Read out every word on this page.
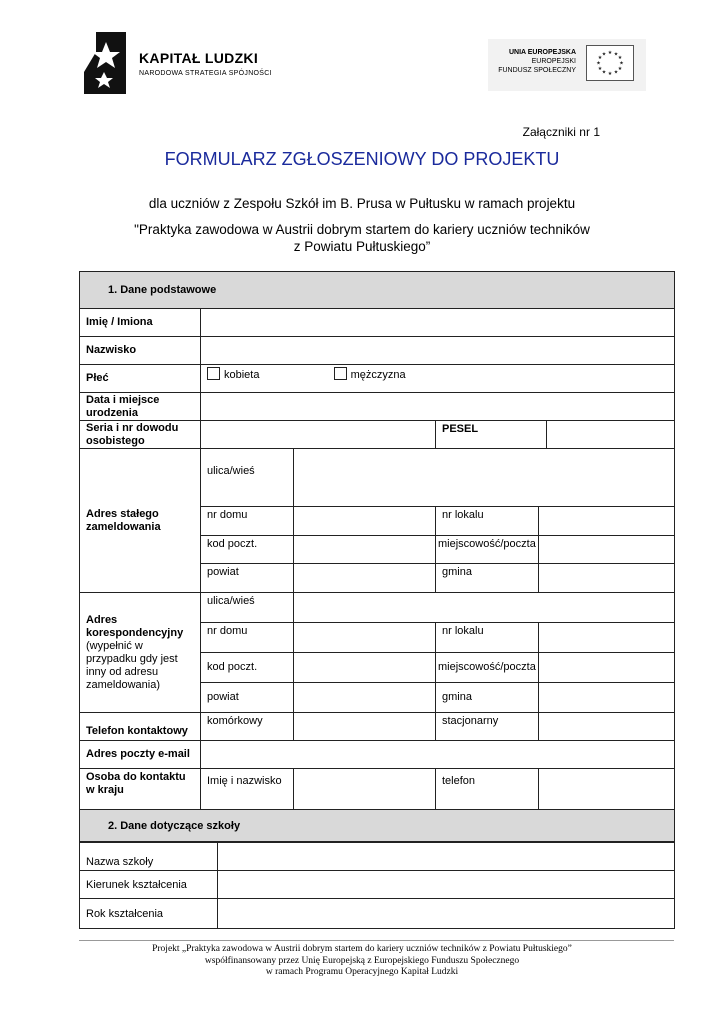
KAPITAŁ LUDZKI
NARODOWA STRATEGIA SPÓJNOŚCI
UNIA EUROPEJSKA
EUROPEJSKI
FUNDUSZ SPOŁECZNY
★ ★
★
★
★
★
★
★
★
★
★
★
Załączniki nr 1
FORMULARZ ZGŁOSZENIOWY DO PROJEKTU
dla uczniów z Zespołu Szkół im B. Prusa w Pułtusku w ramach projektu
"Praktyka zawodowa w Austrii dobrym startem do kariery uczniów techników
z Powiatu Pułtuskiego”
1. Dane podstawowe					
Imię / Imiona					
Nazwisko					
Płeć	kobieta mężczyzna				
Data i miejsce urodzenia					
Seria i nr dowodu osobistego			PESEL		
Adres stałego zameldowania	ulica/wieś				
	nr domu		nr lokalu		
	kod poczt.		miejscowość/poczta		
	powiat		gmina		
Adres korespondencyjny
(wypełnić w przypadku gdy jest inny od adresu zameldowania)	ulica/wieś				
	nr domu		nr lokalu		
	kod poczt.		miejscowość/poczta		
	powiat		gmina		
Telefon kontaktowy	komórkowy		stacjonarny		
Adres poczty e-mail					
Osoba do kontaktu w kraju	Imię i nazwisko		telefon		
2. Dane dotyczące szkoły					
Nazwa szkoły	
Kierunek kształcenia	
Rok kształcenia	
Projekt „Praktyka zawodowa w Austrii dobrym startem do kariery uczniów techników z Powiatu Pułtuskiego”
współfinansowany przez Unię Europejską z Europejskiego Funduszu Społecznego
w ramach Programu Operacyjnego Kapitał Ludzki
